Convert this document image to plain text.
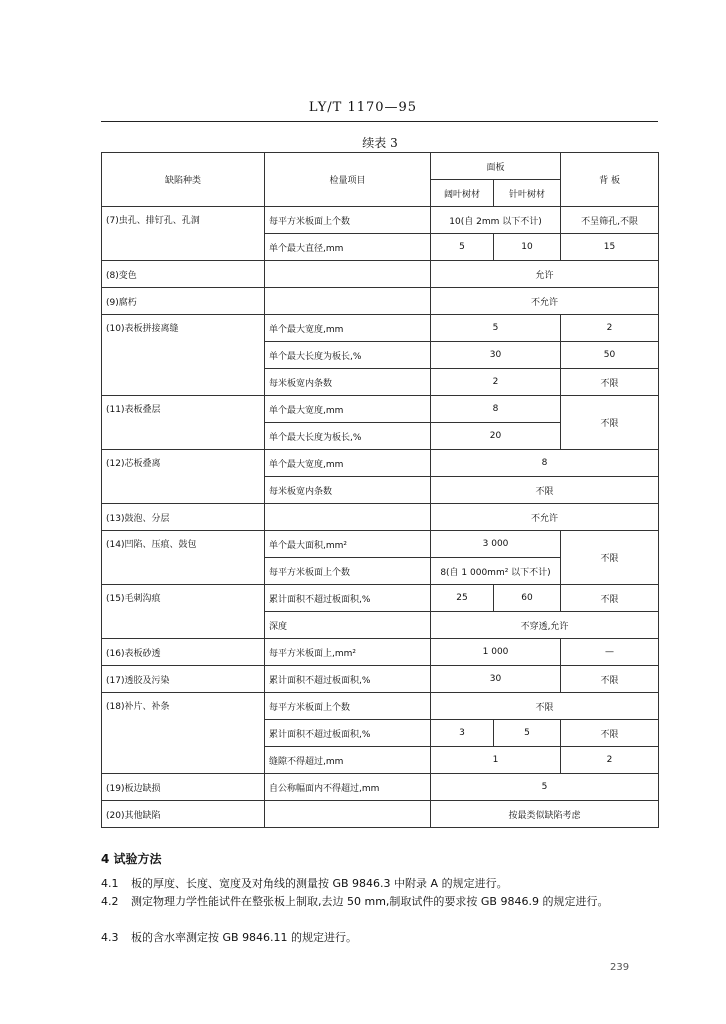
LY/T 1170—95
续表 3
缺陷种类	检量项目	面板		背 板
		阔叶树材	针叶树材	
(7)虫孔、排钉孔、孔洞	每平方米板面上个数	10(自 2mm 以下不计)		不呈筛孔,不限
	单个最大直径,mm	5	10	15
(8)变色		允许		
(9)腐朽		不允许		
(10)表板拼接离缝	单个最大宽度,mm	5		2
	单个最大长度为板长,%	30		50
	每米板宽内条数	2		不限
(11)表板叠层	单个最大宽度,mm	8		不限
	单个最大长度为板长,%	20		
(12)芯板叠离	单个最大宽度,mm	8		
	每米板宽内条数	不限		
(13)鼓泡、分层		不允许		
(14)凹陷、压痕、鼓包	单个最大面积,mm²	3 000		不限
	每平方米板面上个数	8(自 1 000mm² 以下不计)		
(15)毛刺沟痕	累计面积不超过板面积,%	25	60	不限
	深度	不穿透,允许		
(16)表板砂透	每平方米板面上,mm²	1 000		—
(17)透胶及污染	累计面积不超过板面积,%	30		不限
(18)补片、补条	每平方米板面上个数	不限		
	累计面积不超过板面积,%	3	5	不限
	缝隙不得超过,mm	1		2
(19)板边缺损	自公称幅面内不得超过,mm	5		
(20)其他缺陷		按最类似缺陷考虑		
4 试验方法
4.1 板的厚度、长度、宽度及对角线的测量按 GB 9846.3 中附录 A 的规定进行。
4.2 测定物理力学性能试件在整张板上制取,去边 50 mm,制取试件的要求按 GB 9846.9 的规定进行。
4.3 板的含水率测定按 GB 9846.11 的规定进行。
239
